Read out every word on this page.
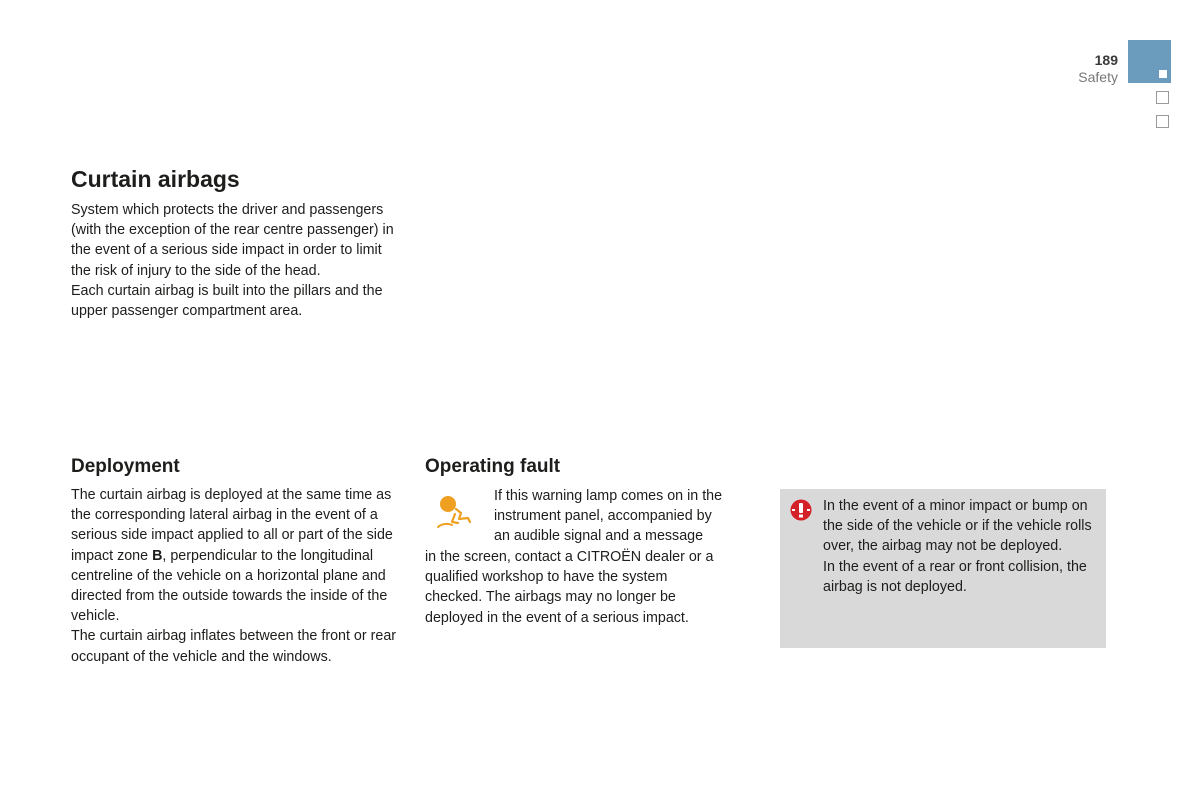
189
Safety
Curtain airbags

System which protects the driver and passengers (with the exception of the rear centre passenger) in the event of a serious side impact in order to limit the risk of injury to the side of the head.

Each curtain airbag is built into the pillars and the upper passenger compartment area.

Deployment

The curtain airbag is deployed at the same time as the corresponding lateral airbag in the event of a serious side impact applied to all or part of the side impact zone B, perpendicular to the longitudinal centreline of the vehicle on a horizontal plane and directed from the outside towards the inside of the vehicle.

The curtain airbag inflates between the front or rear occupant of the vehicle and the windows.

Operating fault

If this warning lamp comes on in the

instrument panel, accompanied by

an audible signal and a message

in the screen, contact a CITROËN dealer or a qualified workshop to have the system checked. The airbags may no longer be deployed in the event of a serious impact.

In the event of a minor impact or bump on the side of the vehicle or if the vehicle rolls over, the airbag may not be deployed.

In the event of a rear or front collision, the airbag is not deployed.
